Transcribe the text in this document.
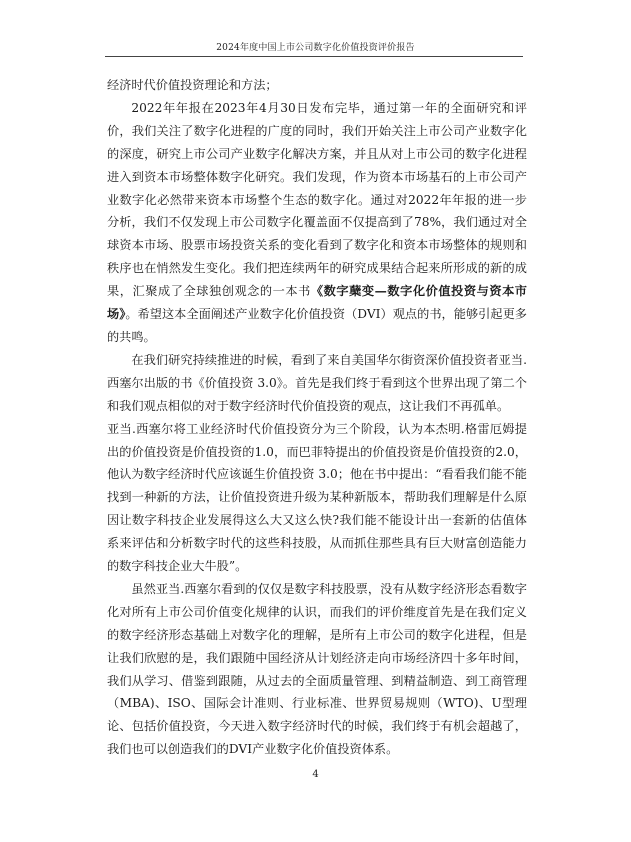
2024年度中国上市公司数字化价值投资评价报告

经济时代价值投资理论和方法；

2022年年报在2023年4月30日发布完毕，通过第一年的全面研究和评价，我们关注了数字化进程的广度的同时，我们开始关注上市公司产业数字化的深度，研究上市公司产业数字化解决方案，并且从对上市公司的数字化进程进入到资本市场整体数字化研究。我们发现，作为资本市场基石的上市公司产业数字化必然带来资本市场整个生态的数字化。通过对2022年年报的进一步分析，我们不仅发现上市公司数字化覆盖面不仅提高到了78%，我们通过对全球资本市场、股票市场投资关系的变化看到了数字化和资本市场整体的规则和秩序也在悄然发生变化。我们把连续两年的研究成果结合起来所形成的新的成果，汇聚成了全球独创观念的一本书《数字蘖变—数字化价值投资与资本市场》。希望这本全面阐述产业数字化价值投资（DVI）观点的书，能够引起更多的共鸣。

在我们研究持续推进的时候，看到了来自美国华尔街资深价值投资者亚当.西塞尔出版的书《价值投资 3.0》。首先是我们终于看到这个世界出现了第二个和我们观点相似的对于数字经济时代价值投资的观点，这让我们不再孤单。

亚当.西塞尔将工业经济时代价值投资分为三个阶段，认为本杰明.格雷厄姆提出的价值投资是价值投资的1.0，而巴菲特提出的价值投资是价值投资的2.0，他认为数字经济时代应该诞生价值投资 3.0；他在书中提出：“看看我们能不能找到一种新的方法，让价值投资进升级为某种新版本，帮助我们理解是什么原因让数字科技企业发展得这么大又这么快?我们能不能设计出一套新的估值体系来评估和分析数字时代的这些科技股，从而抓住那些具有巨大财富创造能力的数字科技企业大牛股”。

虽然亚当.西塞尔看到的仅仅是数字科技股票，没有从数字经济形态看数字化对所有上市公司价值变化规律的认识，而我们的评价维度首先是在我们定义的数字经济形态基础上对数字化的理解，是所有上市公司的数字化进程，但是让我们欣慰的是，我们跟随中国经济从计划经济走向市场经济四十多年时间，我们从学习、借鉴到跟随，从过去的全面质量管理、到精益制造、到工商管理（MBA)、ISO、国际会计准则、行业标准、世界贸易规则（WTO)、U型理论、包括价值投资，今天进入数字经济时代的时候，我们终于有机会超越了，我们也可以创造我们的DVI产业数字化价值投资体系。

4
